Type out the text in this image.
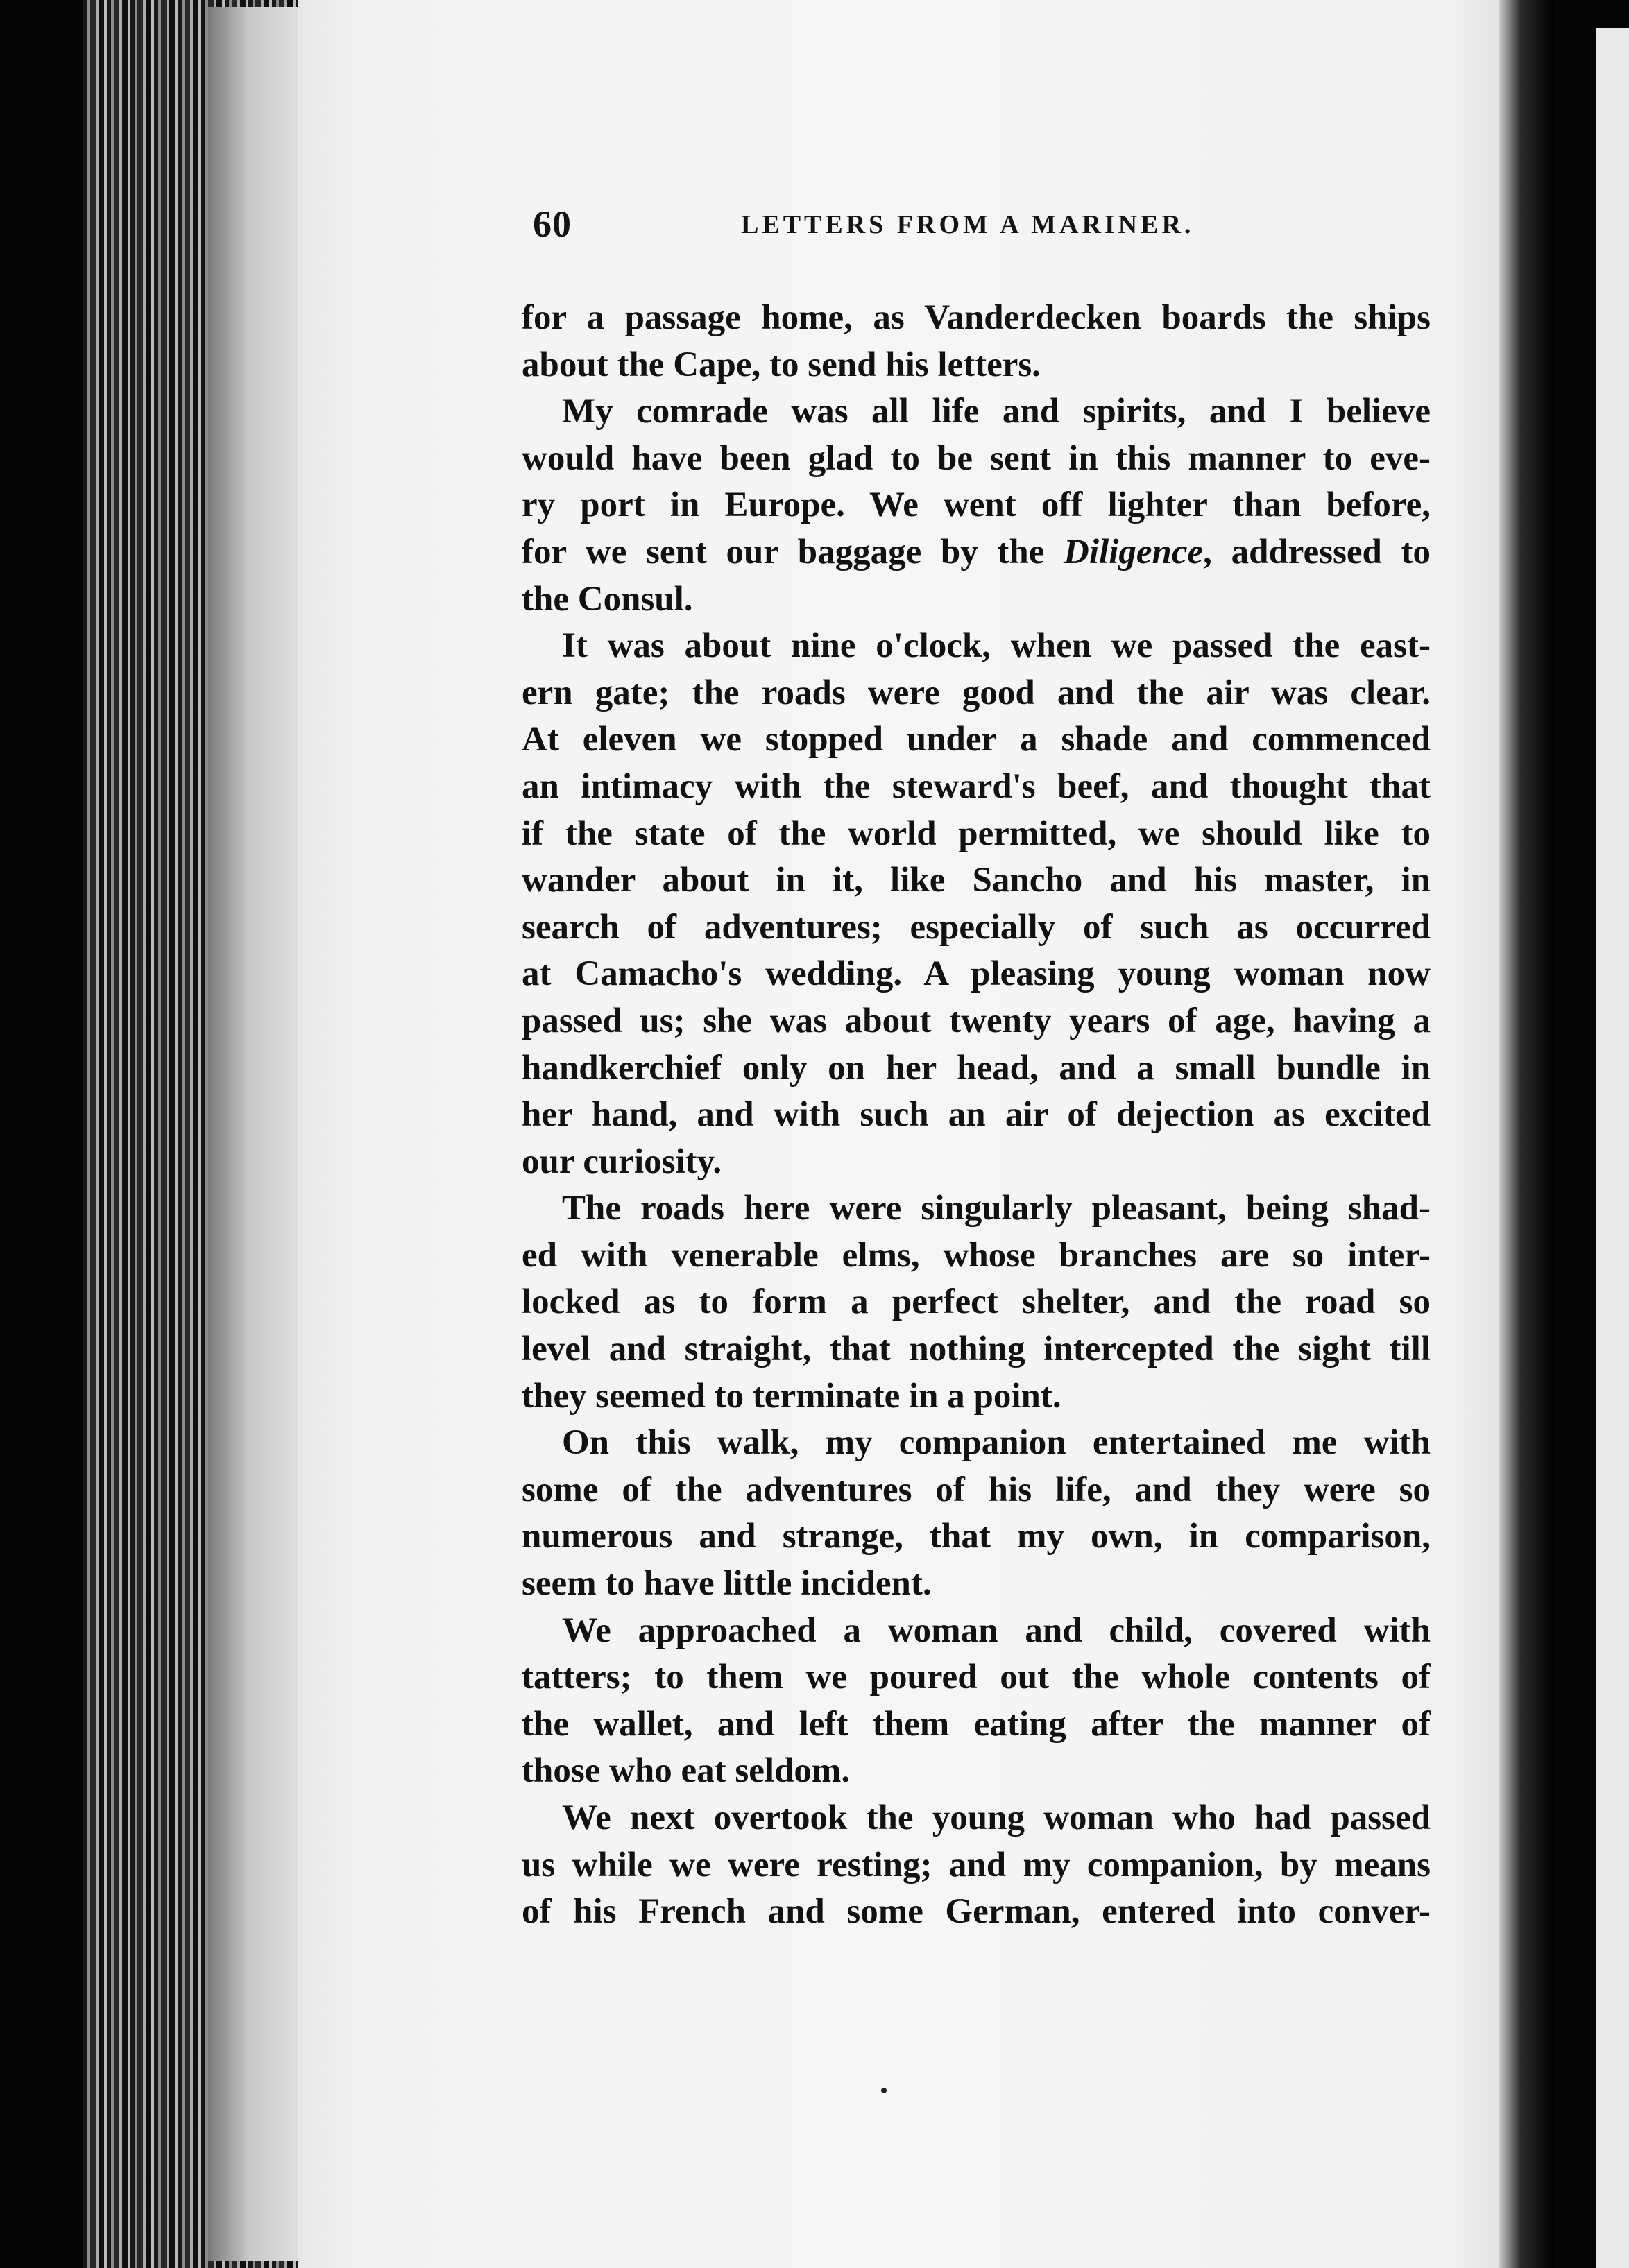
60	LETTERS FROM A MARINER.
for a passage home, as Vanderdecken boards the ships
about the Cape, to send his letters.
My comrade was all life and spirits, and I believe
would have been glad to be sent in this manner to eve-
ry port in Europe. We went off lighter than before,
for we sent our baggage by the Diligence, addressed to
the Consul.
It was about nine o'clock, when we passed the east-
ern gate; the roads were good and the air was clear.
At eleven we stopped under a shade and commenced
an intimacy with the steward's beef, and thought that
if the state of the world permitted, we should like to
wander about in it, like Sancho and his master, in
search of adventures; especially of such as occurred
at Camacho's wedding. A pleasing young woman now
passed us; she was about twenty years of age, having a
handkerchief only on her head, and a small bundle in
her hand, and with such an air of dejection as excited
our curiosity.
The roads here were singularly pleasant, being shad-
ed with venerable elms, whose branches are so inter-
locked as to form a perfect shelter, and the road so
level and straight, that nothing intercepted the sight till
they seemed to terminate in a point.
On this walk, my companion entertained me with
some of the adventures of his life, and they were so
numerous and strange, that my own, in comparison,
seem to have little incident.
We approached a woman and child, covered with
tatters; to them we poured out the whole contents of
the wallet, and left them eating after the manner of
those who eat seldom.
We next overtook the young woman who had passed
us while we were resting; and my companion, by means
of his French and some German, entered into conver-
